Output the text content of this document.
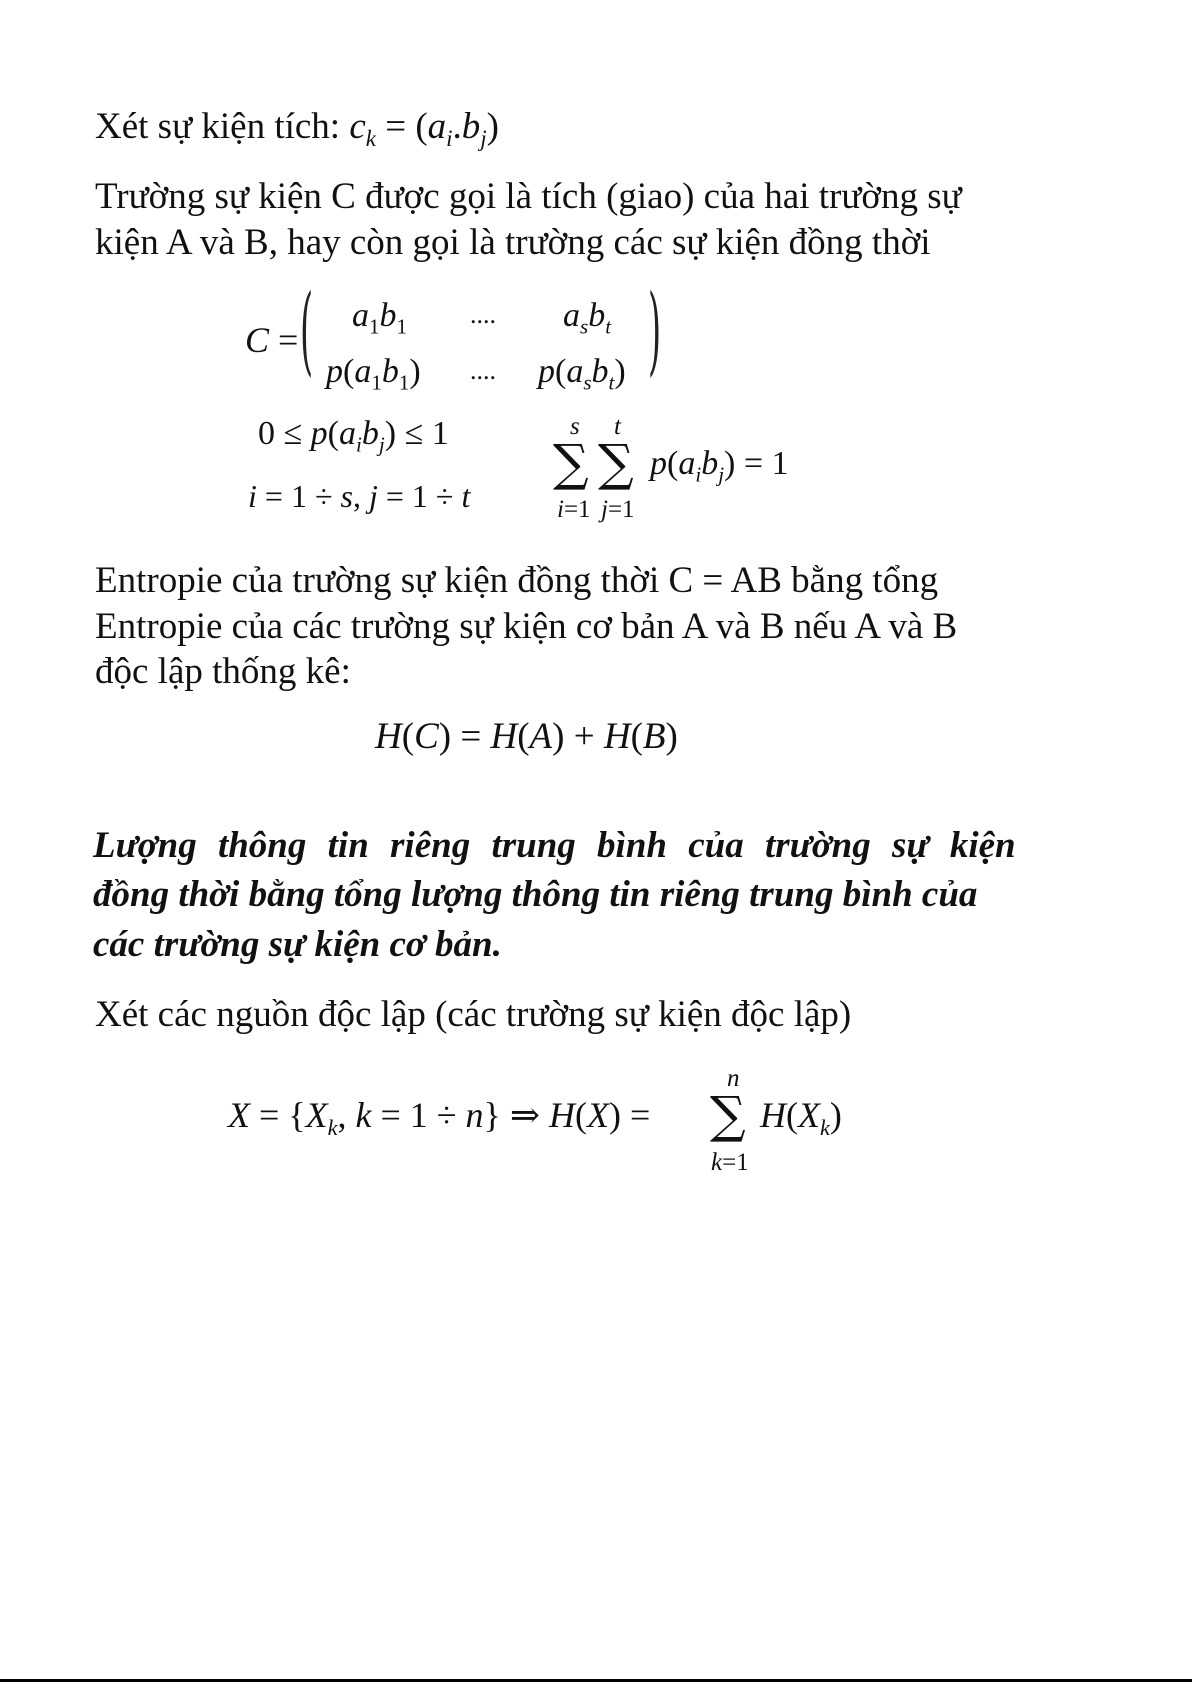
Xét sự kiện tích: $c_k = (a_i.b_j)$
Trường sự kiện C được gọi là tích (giao) của hai trường sự
kiện A và B, hay còn gọi là trường các sự kiện đồng thời
C = (	)
$a_1b_1$ .... $a_sb_t$
$p(a_1b_1)$ .... $p(a_sb_t)$
$0 \le p(a_ib_j) \le 1$
i = 1 ÷ s, j = 1 ÷ t
s t
∑ ∑
i=1 j=1
$p(a_ib_j) = 1$
Entropie của trường sự kiện đồng thời C = AB bằng tổng
Entropie của các trường sự kiện cơ bản A và B nếu A và B
độc lập thống kê:
H(C) = H(A) + H(B)
Lượng thông tin riêng trung bình của trường sự kiện
đồng thời bằng tổng lượng thông tin riêng trung bình của
các trường sự kiện cơ bản.
Xét các nguồn độc lập (các trường sự kiện độc lập)
$X = \{X_k$, k = 1 ÷ n} ⇒ H(X) =
n
∑
k=1
$H(X_k)$
